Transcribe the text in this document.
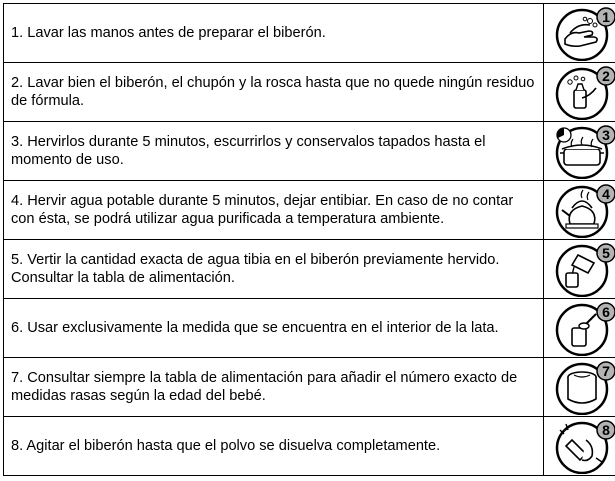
1. Lavar las manos antes de preparar el biberón.	1

2. Lavar bien el biberón, el chupón y la rosca hasta que no quede ningún residuo de fórmula.	2

3. Hervirlos durante 5 minutos, escurrirlos y conservalos tapados hasta el momento de uso.	3

4. Hervir agua potable durante 5 minutos, dejar entibiar. En caso de no contar con ésta, se podrá utilizar agua purificada a temperatura ambiente.	4

5. Vertir la cantidad exacta de agua tibia en el biberón previamente hervido. Consultar la tabla de alimentación.	5

6. Usar exclusivamente la medida que se encuentra en el interior de la lata.	6

7. Consultar siempre la tabla de alimentación para añadir el número exacto de medidas rasas según la edad del bebé.	7

8. Agitar el biberón hasta que el polvo se disuelva completamente.	8
